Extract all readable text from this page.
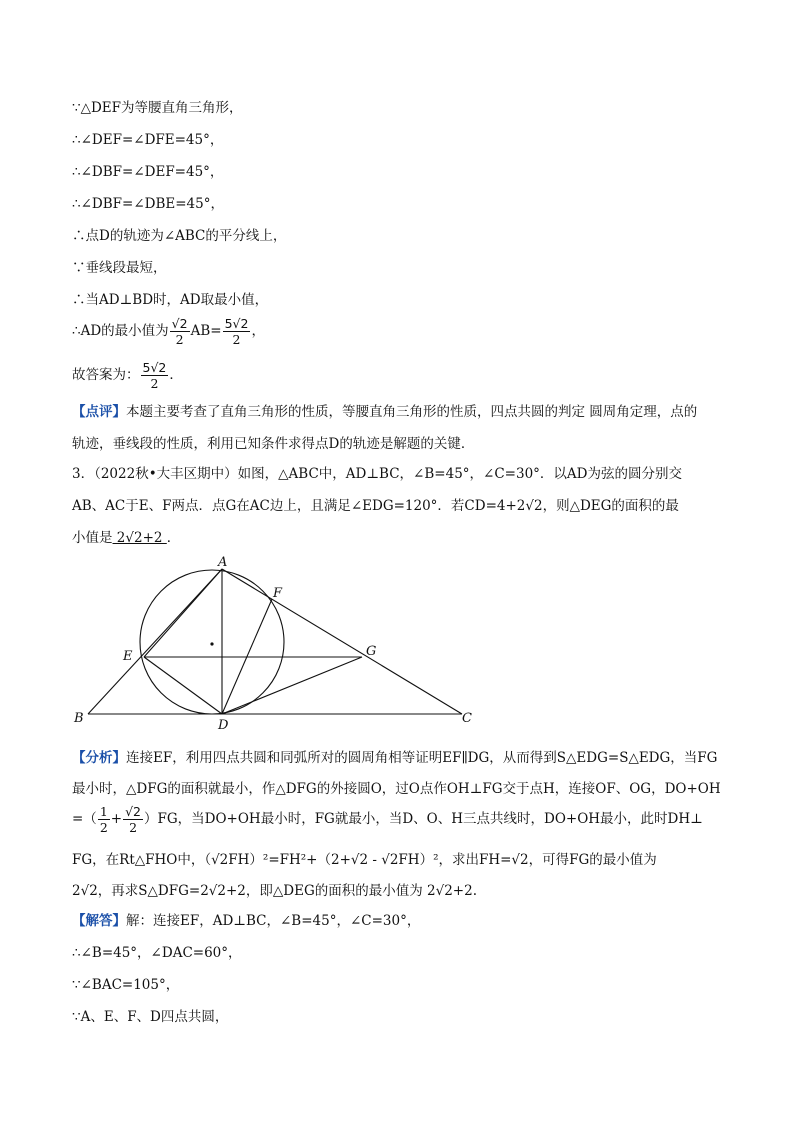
∵△DEF为等腰直角三角形，
∴∠DEF=∠DFE=45°，
∴∠DBF=∠DEF=45°，
∴∠DBF=∠DBE=45°，
∴点D的轨迹为∠ABC的平分线上，
∵垂线段最短，
∴当AD⊥BD时，AD取最小值，
∴AD的最小值为 $\frac{√2}{2} AB= \frac{5√2}{2}$ ，
故答案为： $\frac{5√2}{2}$ ．
【点评】本题主要考查了直角三角形的性质，等腰直角三角形的性质，四点共圆的判定 圆周角定理，点的
轨迹，垂线段的性质，利用已知条件求得点D的轨迹是解题的关键．
3．（2022秋•大丰区期中）如图，△ABC中，AD⊥BC，∠B=45°，∠C=30°．以AD为弦的圆分别交
AB、AC于E、F两点．点G在AC边上，且满足∠EDG=120°．若CD=4+2√2，则△DEG的面积的最
小值是 2√2+2 ．
A
F
E	G
B	D	C
【分析】连接EF，利用四点共圆和同弧所对的圆周角相等证明EF∥DG，从而得到S△EDG=S△EDG，当FG
最小时，△DFG的面积就最小，作△DFG的外接圆O，过O点作OH⊥FG交于点H，连接OF、OG，DO+OH
=（ $\frac{1}{2} + \frac{√2}{2} )FG$，当DO+OH最小时，FG就最小，当D、O、H三点共线时，DO+OH最小，此时DH⊥
FG，在Rt△FHO中，（√2FH）²=FH²+（2+√2 - √2FH）²，求出FH=√2，可得FG的最小值为
2√2，再求S△DFG=2√2+2，即△DEG的面积的最小值为 2√2+2.
【解答】解：连接EF，AD⊥BC，∠B=45°，∠C=30°，
∴∠B=45°，∠DAC=60°，
∵∠BAC=105°，
∵A、E、F、D四点共圆，
